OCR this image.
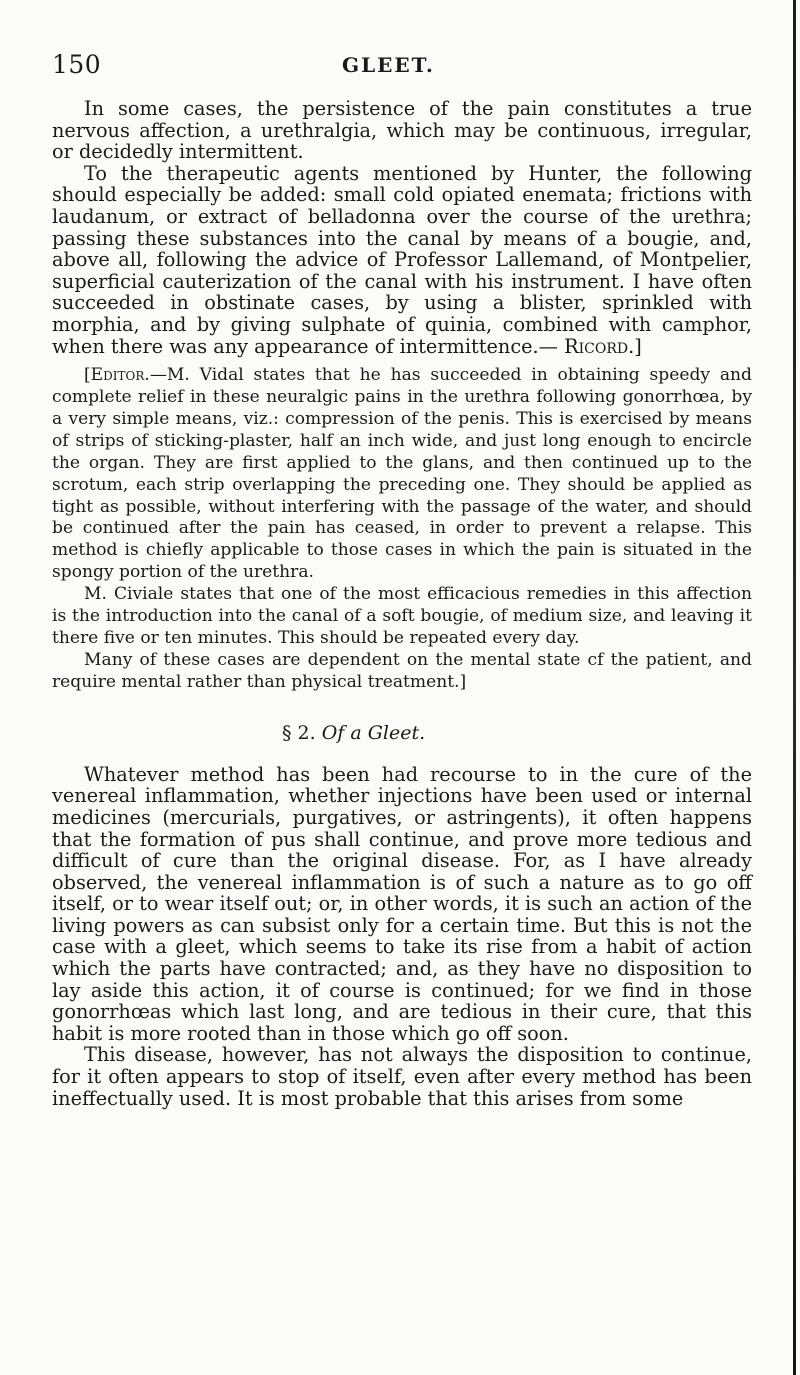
150	GLEET.

In some cases, the persistence of the pain constitutes a true nervous affection, a urethralgia, which may be continuous, irregular, or decidedly intermittent.

To the therapeutic agents mentioned by Hunter, the following should especially be added: small cold opiated enemata; frictions with laudanum, or extract of belladonna over the course of the urethra; passing these substances into the canal by means of a bougie, and, above all, following the advice of Professor Lallemand, of Montpelier, superficial cauterization of the canal with his instrument. I have often succeeded in obstinate cases, by using a blister, sprinkled with morphia, and by giving sulphate of quinia, combined with camphor, when there was any appearance of intermittence.— Ricord.]

[Editor.—M. Vidal states that he has succeeded in obtaining speedy and complete relief in these neuralgic pains in the urethra following gonorrhœa, by a very simple means, viz.: compression of the penis. This is exercised by means of strips of sticking-plaster, half an inch wide, and just long enough to encircle the organ. They are first applied to the glans, and then continued up to the scrotum, each strip overlapping the preceding one. They should be applied as tight as possible, without interfering with the passage of the water, and should be continued after the pain has ceased, in order to prevent a relapse. This method is chiefly applicable to those cases in which the pain is situated in the spongy portion of the urethra.

M. Civiale states that one of the most efficacious remedies in this affection is the introduction into the canal of a soft bougie, of medium size, and leaving it there five or ten minutes. This should be repeated every day.

Many of these cases are dependent on the mental state cf the patient, and require mental rather than physical treatment.]

§ 2. Of a Gleet.

Whatever method has been had recourse to in the cure of the venereal inflammation, whether injections have been used or internal medicines (mercurials, purgatives, or astringents), it often happens that the formation of pus shall continue, and prove more tedious and difficult of cure than the original disease. For, as I have already observed, the venereal inflammation is of such a nature as to go off itself, or to wear itself out; or, in other words, it is such an action of the living powers as can subsist only for a certain time. But this is not the case with a gleet, which seems to take its rise from a habit of action which the parts have contracted; and, as they have no disposition to lay aside this action, it of course is continued; for we find in those gonorrhœas which last long, and are tedious in their cure, that this habit is more rooted than in those which go off soon.

This disease, however, has not always the disposition to continue, for it often appears to stop of itself, even after every method has been ineffectually used. It is most probable that this arises from some
